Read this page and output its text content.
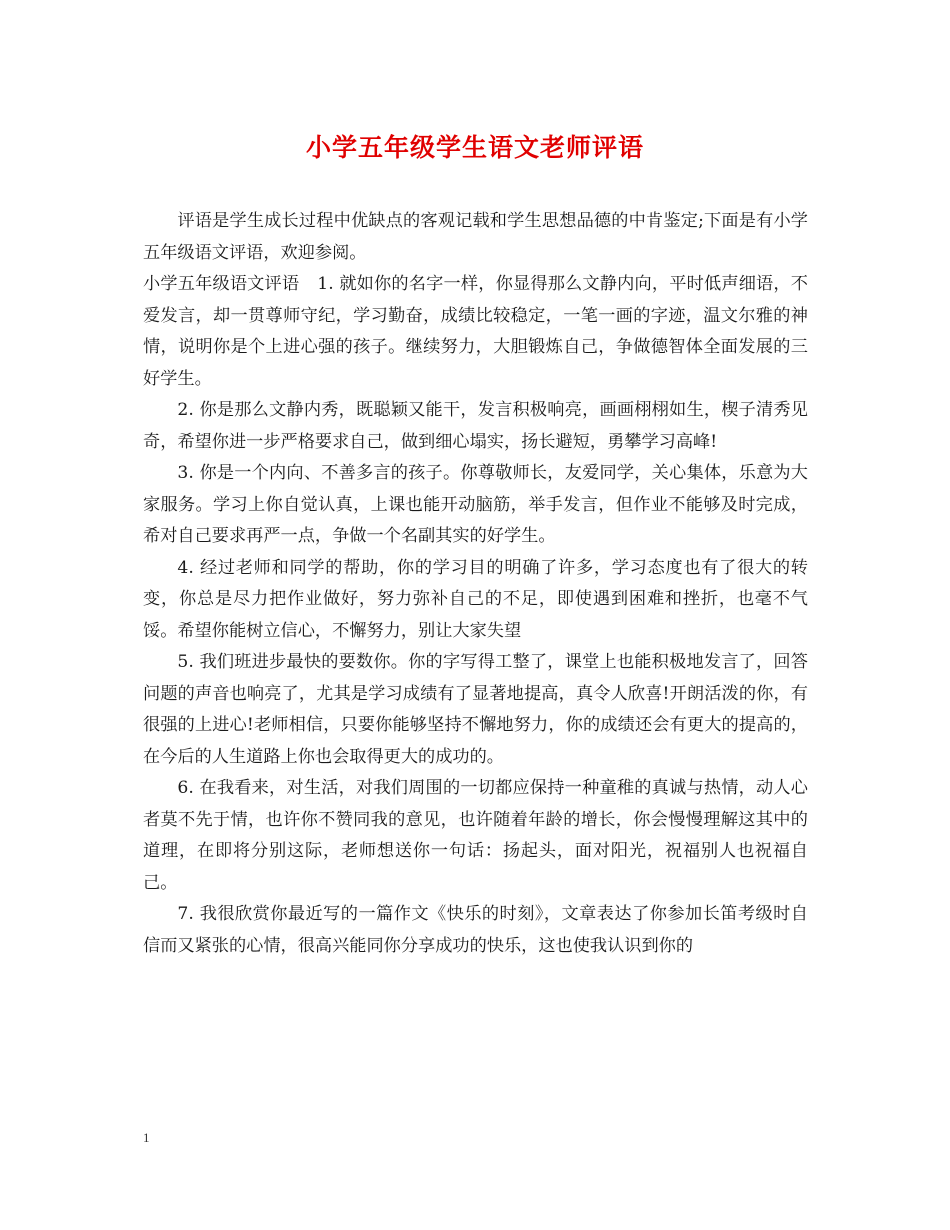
小学五年级学生语文老师评语

评语是学生成长过程中优缺点的客观记载和学生思想品德的中肯鉴定;下面是有小学五年级语文评语，欢迎参阅。

小学五年级语文评语 1. 就如你的名字一样，你显得那么文静内向，平时低声细语，不爱发言，却一贯尊师守纪，学习勤奋，成绩比较稳定，一笔一画的字迹，温文尔雅的神情，说明你是个上进心强的孩子。继续努力，大胆锻炼自己，争做德智体全面发展的三好学生。

2. 你是那么文静内秀，既聪颖又能干，发言积极响亮，画画栩栩如生，楔子清秀见奇，希望你进一步严格要求自己，做到细心塌实，扬长避短，勇攀学习高峰!

3. 你是一个内向、不善多言的孩子。你尊敬师长，友爱同学，关心集体，乐意为大家服务。学习上你自觉认真，上课也能开动脑筋，举手发言，但作业不能够及时完成，希对自己要求再严一点，争做一个名副其实的好学生。

4. 经过老师和同学的帮助，你的学习目的明确了许多，学习态度也有了很大的转变，你总是尽力把作业做好，努力弥补自己的不足，即使遇到困难和挫折，也毫不气馁。希望你能树立信心，不懈努力，别让大家失望

5. 我们班进步最快的要数你。你的字写得工整了，课堂上也能积极地发言了，回答问题的声音也响亮了，尤其是学习成绩有了显著地提高，真令人欣喜!开朗活泼的你，有很强的上进心!老师相信，只要你能够坚持不懈地努力，你的成绩还会有更大的提高的，在今后的人生道路上你也会取得更大的成功的。

6. 在我看来，对生活，对我们周围的一切都应保持一种童稚的真诚与热情，动人心者莫不先于情，也许你不赞同我的意见，也许随着年龄的增长，你会慢慢理解这其中的道理，在即将分别这际，老师想送你一句话：扬起头，面对阳光，祝福别人也祝福自己。

7. 我很欣赏你最近写的一篇作文《快乐的时刻》，文章表达了你参加长笛考级时自信而又紧张的心情，很高兴能同你分享成功的快乐，这也使我认识到你的

1
